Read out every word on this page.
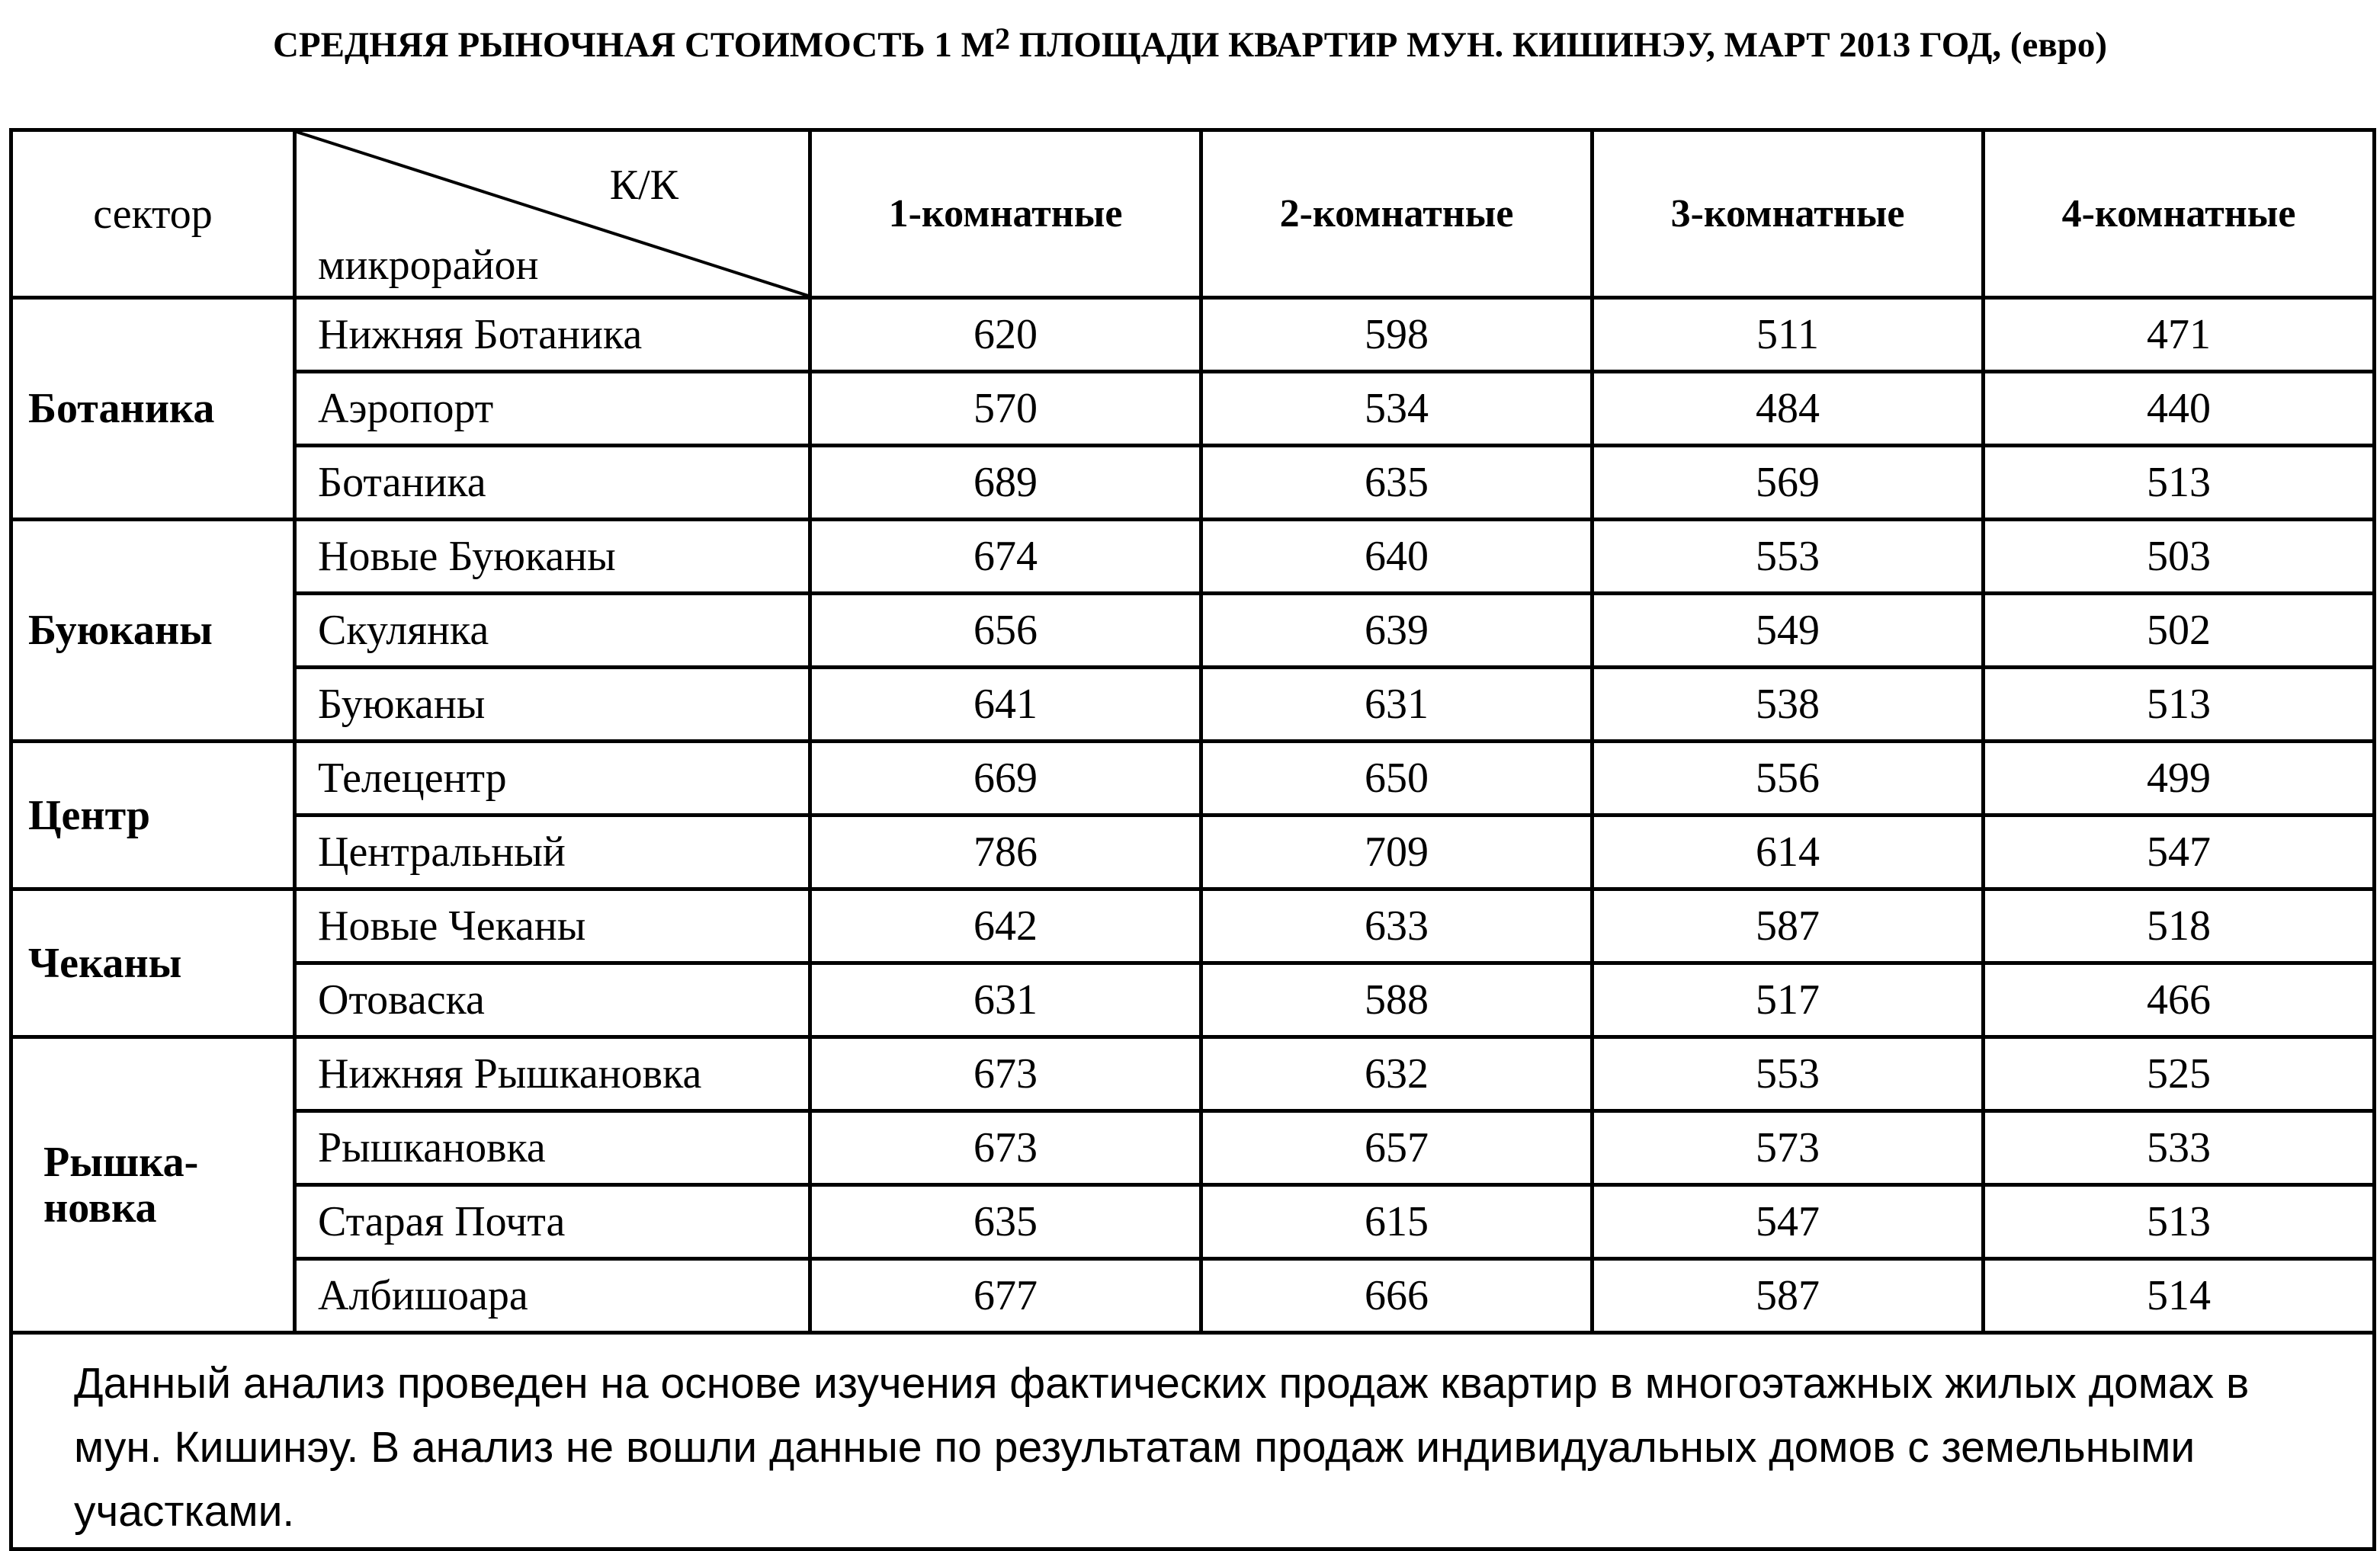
СРЕДНЯЯ РЫНОЧНАЯ СТОИМОСТЬ 1 $М^2$ ПЛОЩАДИ КВАРТИР МУН. КИШИНЭУ, МАРТ 2013 ГОД, (евро)
сектор	К/К
микрорайон	1-комнатные	2-комнатные	3-комнатные	4-комнатные
Ботаника	Нижняя Ботаника	620	598	511	471
	Аэропорт	570	534	484	440
	Ботаника	689	635	569	513
Буюканы	Новые Буюканы	674	640	553	503
	Скулянка	656	639	549	502
	Буюканы	641	631	538	513
Центр	Телецентр	669	650	556	499
	Центральный	786	709	614	547
Чеканы	Новые Чеканы	642	633	587	518
	Отоваска	631	588	517	466
Рышка-
новка	Нижняя Рышкановка	673	632	553	525
	Рышкановка	673	657	573	533
	Старая Почта	635	615	547	513
	Албишоара	677	666	587	514
Данный анализ проведен на основе изучения фактических продаж квартир в многоэтажных жилых домах в мун. Кишинэу. В анализ не вошли данные по результатам продаж индивидуальных домов с земельными участками.					
